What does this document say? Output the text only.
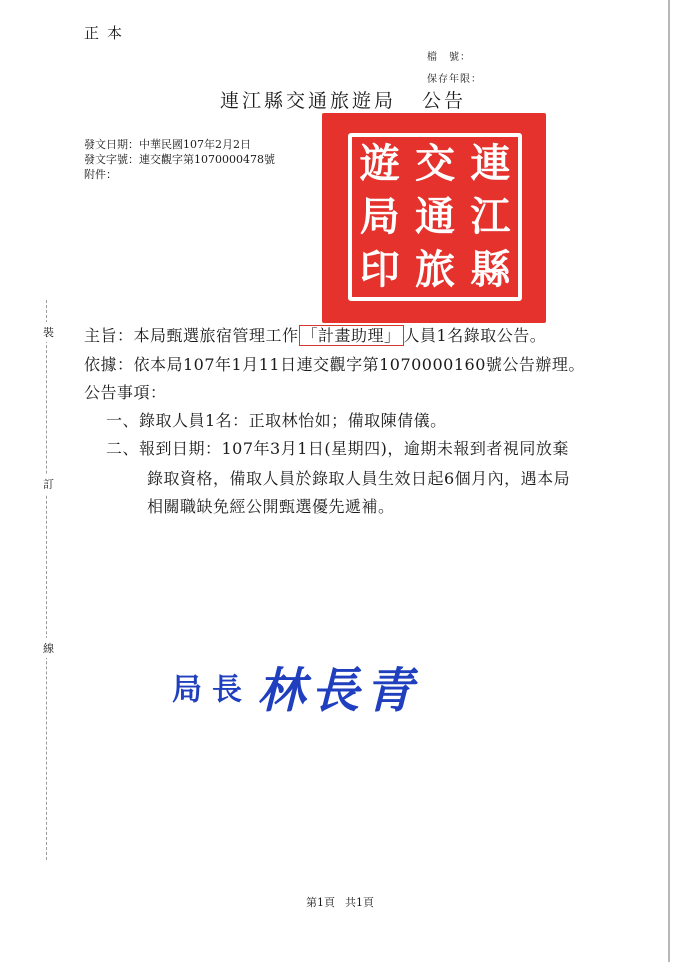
正本
檔　號：
保存年限：
連江縣交通旅遊局 公告
連
交
遊
江
通
局
縣
旅
印
發文日期：中華民國107年2月2日
發文字號：連交觀字第1070000478號
附件：
裝
訂
線
主旨：本局甄選旅宿管理工作 「計畫助理」 人員1名錄取公告。
依據：依本局107年1月11日連交觀字第1070000160號公告辦理。
公告事項：
一、錄取人員1名：正取林怡如；備取陳倩儀。
二、報到日期：107年3月1日(星期四)，逾期未報到者視同放棄
錄取資格，備取人員於錄取人員生效日起6個月內，遇本局
相關職缺免經公開甄選優先遞補。
局長 林長青
第1頁 共1頁
